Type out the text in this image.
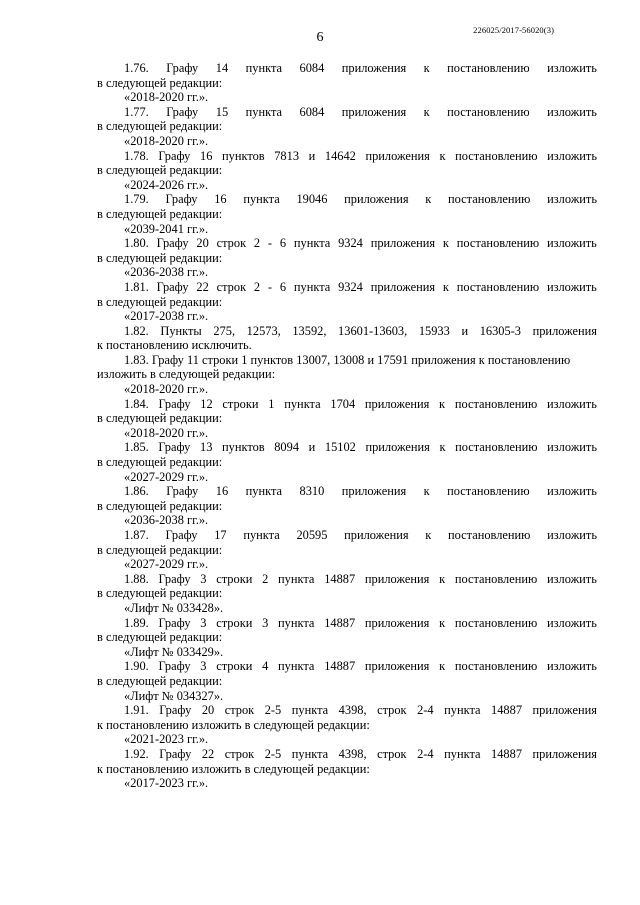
6	226025/2017-56020(3)
1.76. Графу 14 пункта 6084 приложения к постановлению изложить
в следующей редакции:
«2018-2020 гг.».
1.77. Графу 15 пункта 6084 приложения к постановлению изложить
в следующей редакции:
«2018-2020 гг.».
1.78. Графу 16 пунктов 7813 и 14642 приложения к постановлению изложить
в следующей редакции:
«2024-2026 гг.».
1.79. Графу 16 пункта 19046 приложения к постановлению изложить
в следующей редакции:
«2039-2041 гг.».
1.80. Графу 20 строк 2 - 6 пункта 9324 приложения к постановлению изложить
в следующей редакции:
«2036-2038 гг.».
1.81. Графу 22 строк 2 - 6 пункта 9324 приложения к постановлению изложить
в следующей редакции:
«2017-2038 гг.».
1.82. Пункты 275, 12573, 13592, 13601-13603, 15933 и 16305-3 приложения
к постановлению исключить.
1.83. Графу 11 строки 1 пунктов 13007, 13008 и 17591 приложения к постановлению
изложить в следующей редакции:
«2018-2020 гг.».
1.84. Графу 12 строки 1 пункта 1704 приложения к постановлению изложить
в следующей редакции:
«2018-2020 гг.».
1.85. Графу 13 пунктов 8094 и 15102 приложения к постановлению изложить
в следующей редакции:
«2027-2029 гг.».
1.86. Графу 16 пункта 8310 приложения к постановлению изложить
в следующей редакции:
«2036-2038 гг.».
1.87. Графу 17 пункта 20595 приложения к постановлению изложить
в следующей редакции:
«2027-2029 гг.».
1.88. Графу 3 строки 2 пункта 14887 приложения к постановлению изложить
в следующей редакции:
«Лифт № 033428».
1.89. Графу 3 строки 3 пункта 14887 приложения к постановлению изложить
в следующей редакции:
«Лифт № 033429».
1.90. Графу 3 строки 4 пункта 14887 приложения к постановлению изложить
в следующей редакции:
«Лифт № 034327».
1.91. Графу 20 строк 2-5 пункта 4398, строк 2-4 пункта 14887 приложения
к постановлению изложить в следующей редакции:
«2021-2023 гг.».
1.92. Графу 22 строк 2-5 пункта 4398, строк 2-4 пункта 14887 приложения
к постановлению изложить в следующей редакции:
«2017-2023 гг.».
